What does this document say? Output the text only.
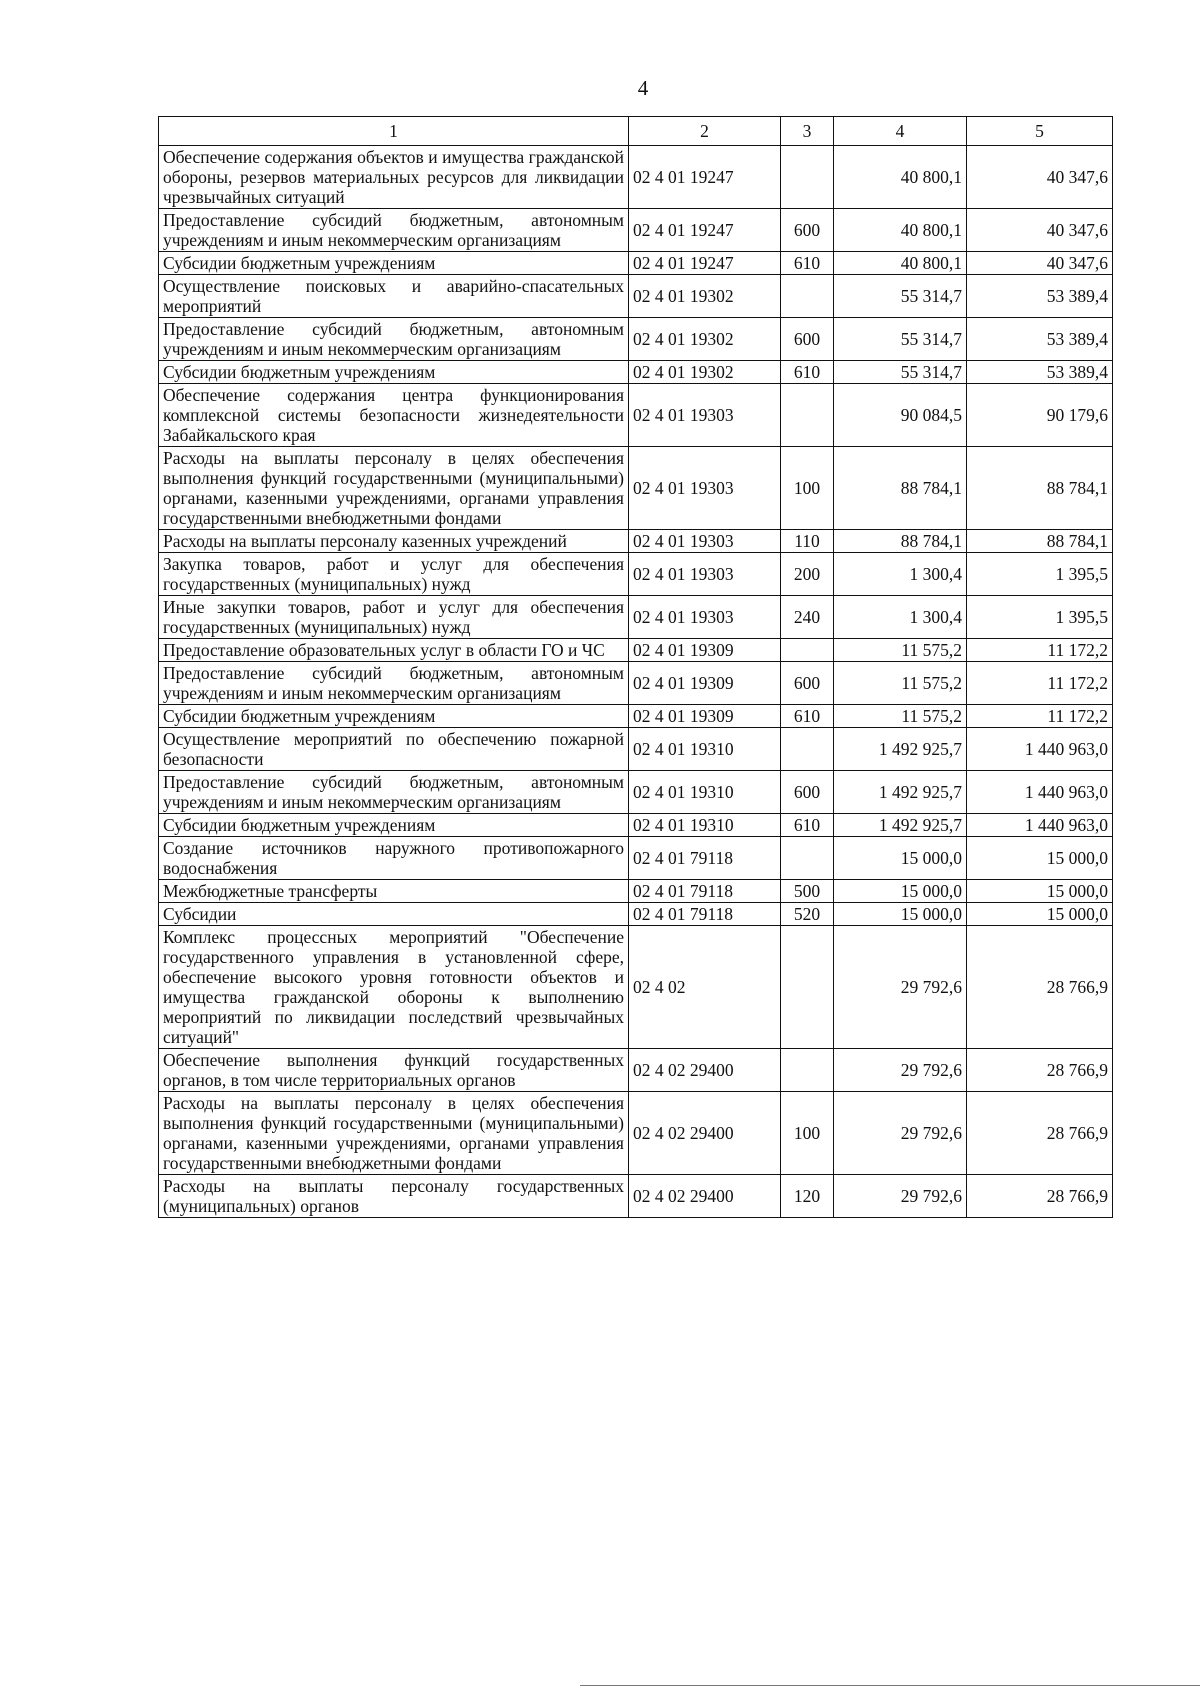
4
1	2	3	4	5
Обеспечение содержания объектов и имущества гражданской обороны, резервов материальных ресурсов для ликвидации чрезвычайных ситуаций	02 4 01 19247		40 800,1	40 347,6
Предоставление субсидий бюджетным, автономным учреждениям и иным некоммерческим организациям	02 4 01 19247	600	40 800,1	40 347,6
Субсидии бюджетным учреждениям	02 4 01 19247	610	40 800,1	40 347,6
Осуществление поисковых и аварийно-спасательных мероприятий	02 4 01 19302		55 314,7	53 389,4
Предоставление субсидий бюджетным, автономным учреждениям и иным некоммерческим организациям	02 4 01 19302	600	55 314,7	53 389,4
Субсидии бюджетным учреждениям	02 4 01 19302	610	55 314,7	53 389,4
Обеспечение содержания центра функционирования комплексной системы безопасности жизнедеятельности Забайкальского края	02 4 01 19303		90 084,5	90 179,6
Расходы на выплаты персоналу в целях обеспечения выполнения функций государственными (муниципальными) органами, казенными учреждениями, органами управления государственными внебюджетными фондами	02 4 01 19303	100	88 784,1	88 784,1
Расходы на выплаты персоналу казенных учреждений	02 4 01 19303	110	88 784,1	88 784,1
Закупка товаров, работ и услуг для обеспечения государственных (муниципальных) нужд	02 4 01 19303	200	1 300,4	1 395,5
Иные закупки товаров, работ и услуг для обеспечения государственных (муниципальных) нужд	02 4 01 19303	240	1 300,4	1 395,5
Предоставление образовательных услуг в области ГО и ЧС	02 4 01 19309		11 575,2	11 172,2
Предоставление субсидий бюджетным, автономным учреждениям и иным некоммерческим организациям	02 4 01 19309	600	11 575,2	11 172,2
Субсидии бюджетным учреждениям	02 4 01 19309	610	11 575,2	11 172,2
Осуществление мероприятий по обеспечению пожарной безопасности	02 4 01 19310		1 492 925,7	1 440 963,0
Предоставление субсидий бюджетным, автономным учреждениям и иным некоммерческим организациям	02 4 01 19310	600	1 492 925,7	1 440 963,0
Субсидии бюджетным учреждениям	02 4 01 19310	610	1 492 925,7	1 440 963,0
Создание источников наружного противопожарного водоснабжения	02 4 01 79118		15 000,0	15 000,0
Межбюджетные трансферты	02 4 01 79118	500	15 000,0	15 000,0
Субсидии	02 4 01 79118	520	15 000,0	15 000,0
Комплекс процессных мероприятий "Обеспечение государственного управления в установленной сфере, обеспечение высокого уровня готовности объектов и имущества гражданской обороны к выполнению мероприятий по ликвидации последствий чрезвычайных ситуаций"	02 4 02		29 792,6	28 766,9
Обеспечение выполнения функций государственных органов, в том числе территориальных органов	02 4 02 29400		29 792,6	28 766,9
Расходы на выплаты персоналу в целях обеспечения выполнения функций государственными (муниципальными) органами, казенными учреждениями, органами управления государственными внебюджетными фондами	02 4 02 29400	100	29 792,6	28 766,9
Расходы на выплаты персоналу государственных (муниципальных) органов	02 4 02 29400	120	29 792,6	28 766,9
